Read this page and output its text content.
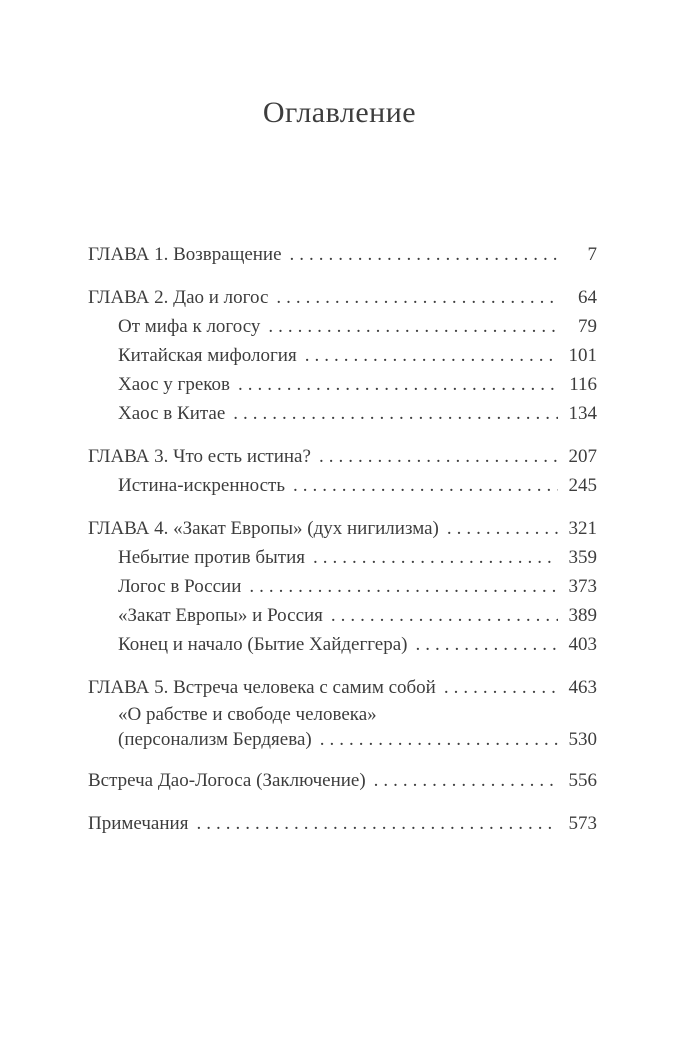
Оглавление
ГЛАВА 1. Возвращение .....	7
ГЛАВА 2. Дао и логос .....	64
От мифа к логосу .....	79
Китайская мифология .....	101
Хаос у греков .....	116
Хаос в Китае .....	134
ГЛАВА 3. Что есть истина? .....	207
Истина-искренность .....	245
ГЛАВА 4. «Закат Европы» (дух нигилизма) .....	321
Небытие против бытия .....	359
Логос в России .....	373
«Закат Европы» и Россия .....	389
Конец и начало (Бытие Хайдеггера) .....	403
ГЛАВА 5. Встреча человека с самим собой .....	463
«О рабстве и свободе человека»
(персонализм Бердяева) .....	530
Встреча Дао-Логоса (Заключение) .....	556
Примечания .....	573
